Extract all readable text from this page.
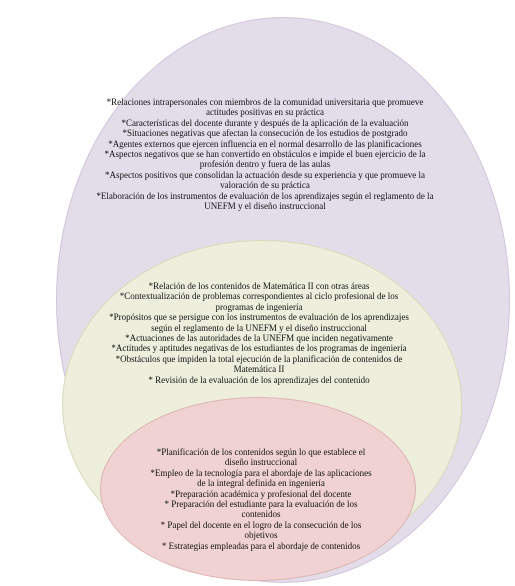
*Relaciones intrapersonales con miembros de la comunidad universitaria que promueve actitudes positivas en su práctica
*Características del docente durante y después de la aplicación de la evaluación
*Situaciones negativas que afectan la consecución de los estudios de postgrado
*Agentes externos que ejercen influencia en el normal desarrollo de las planificaciones
*Aspectos negativos que se han convertido en obstáculos e impide el buen ejercicio de la profesión dentro y fuera de las aulas
*Aspectos positivos que consolidan la actuación desde su experiencia y que promueve la valoración de su práctica
*Elaboración de los instrumentos de evaluación de los aprendizajes según el reglamento de la UNEFM y el diseño instruccional
*Relación de los contenidos de Matemática II con otras áreas
*Contextualización de problemas correspondientes al ciclo profesional de los programas de ingeniería
*Propósitos que se persigue con los instrumentos de evaluación de los aprendizajes según el reglamento de la UNEFM y el diseño instruccional
*Actuaciones de las autoridades de la UNEFM que inciden negativamente
*Actitudes y aptitudes negativas de los estudiantes de los programas de ingeniería
*Obstáculos que impiden la total ejecución de la planificación de contenidos de Matemática II
* Revisión de la evaluación de los aprendizajes del contenido
*Planificación de los contenidos según lo que establece el diseño instruccional
*Empleo de la tecnología para el abordaje de las aplicaciones de la integral definida en ingeniería
*Preparación académica y profesional del docente
* Preparación del estudiante para la evaluación de los contenidos
* Papel del docente en el logro de la consecución de los objetivos
* Estrategias empleadas para el abordaje de contenidos
